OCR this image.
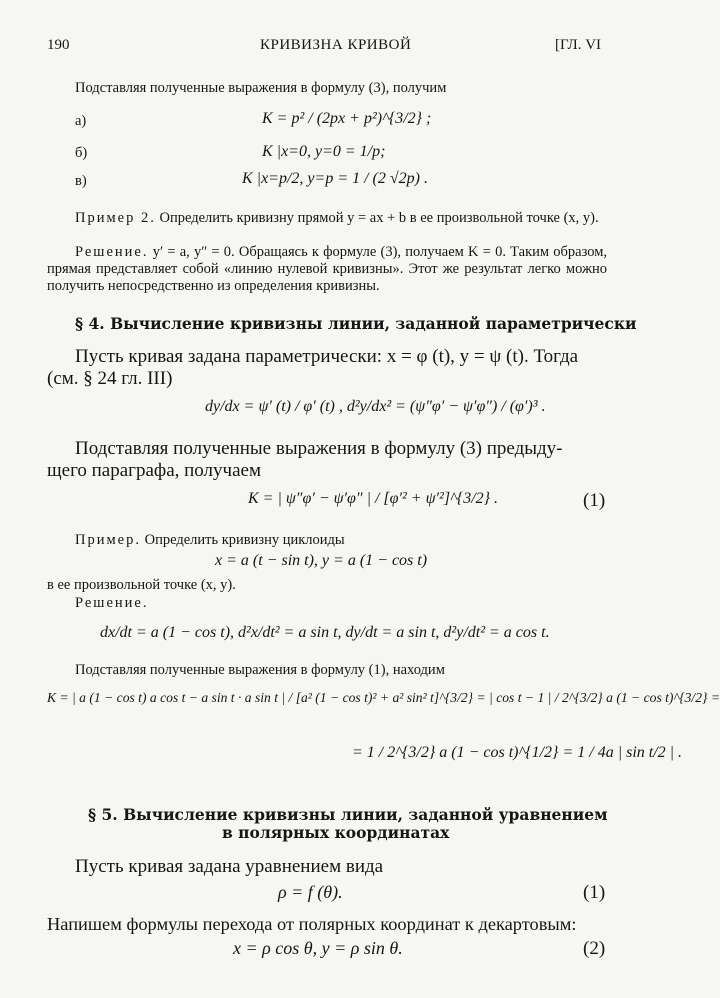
190	КРИВИЗНА КРИВОЙ	[ГЛ. VI
Подставляя полученные выражения в формулу (3), получим
а)	K = p² / (2px + p²)^{3/2} ;
б)	K |x=0, y=0 = 1/p;
в)	K |x=p/2, y=p = 1 / (2 √2p) .
Пример 2. Определить кривизну прямой y = ax + b в ее произвольной точке (x, y).
Решение. y′ = a, y″ = 0. Обращаясь к формуле (3), получаем K = 0. Таким образом, прямая представляет собой «линию нулевой кривизны». Этот же результат легко можно получить непосредственно из определения кривизны.
§ 4. Вычисление кривизны линии, заданной параметрически
Пусть кривая задана параметрически: x = φ (t), y = ψ (t). Тогда
(см. § 24 гл. III)
dy/dx = ψ′ (t) / φ′ (t) , d²y/dx² = (ψ″φ′ − ψ′φ″) / (φ′)³ .
Подставляя полученные выражения в формулу (3) предыду-
щего параграфа, получаем
K = | ψ″φ′ − ψ′φ″ | / [φ′² + ψ′²]^{3/2} .	(1)
Пример. Определить кривизну циклоиды
x = a (t − sin t), y = a (1 − cos t)
в ее произвольной точке (x, y).
Решение.
dx/dt = a (1 − cos t), d²x/dt² = a sin t, dy/dt = a sin t, d²y/dt² = a cos t.
Подставляя полученные выражения в формулу (1), находим
K = | a (1 − cos t) a cos t − a sin t · a sin t | / [a² (1 − cos t)² + a² sin² t]^{3/2} = | cos t − 1 | / 2^{3/2} a (1 − cos t)^{3/2} =
= 1 / 2^{3/2} a (1 − cos t)^{1/2} = 1 / 4a | sin t/2 | .
§ 5. Вычисление кривизны линии, заданной уравнением
в полярных координатах
Пусть кривая задана уравнением вида
ρ = f (θ).	(1)
Напишем формулы перехода от полярных координат к декартовым:
x = ρ cos θ, y = ρ sin θ.	(2)
